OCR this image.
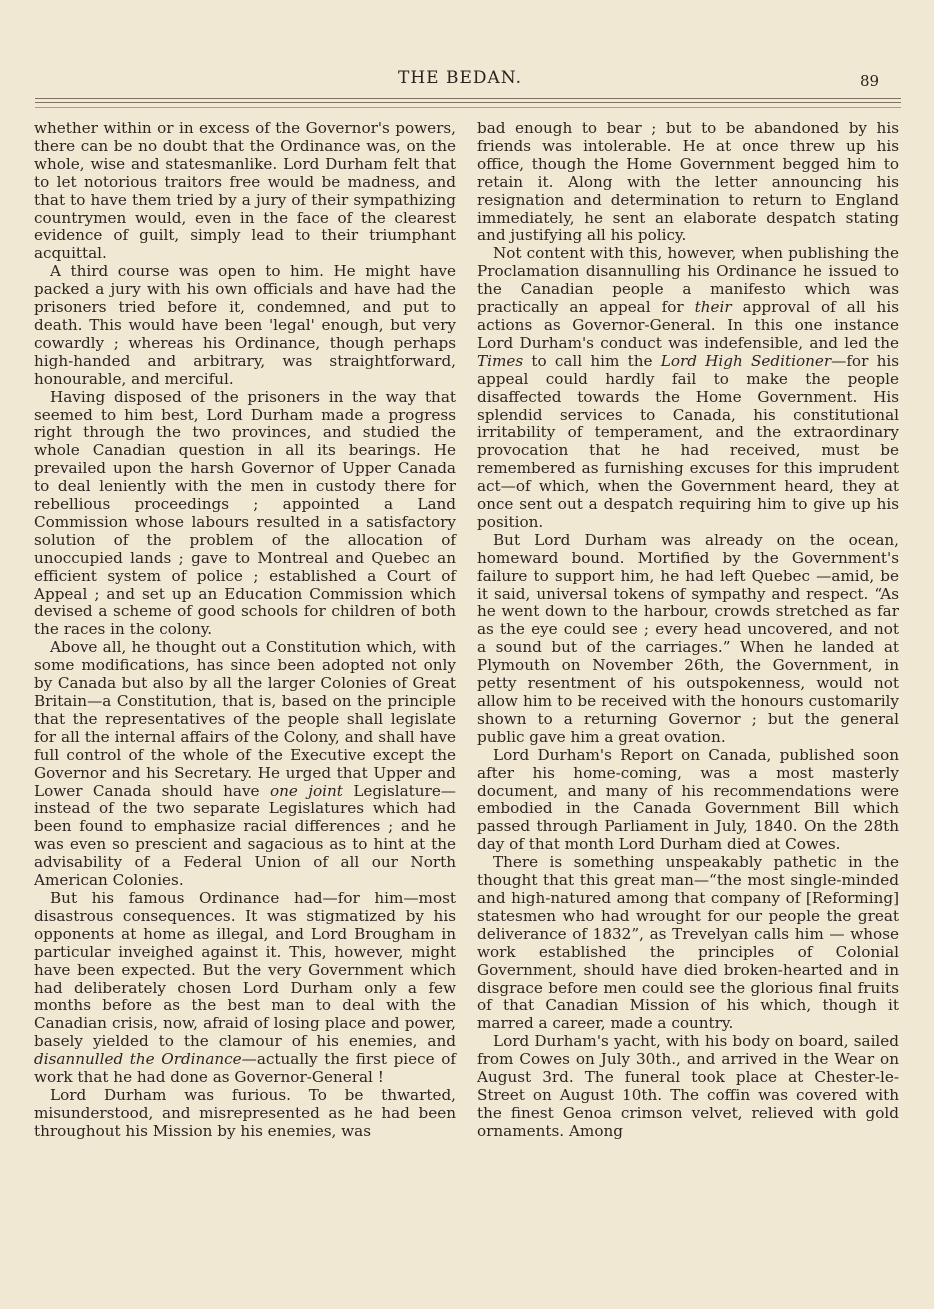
THE BEDAN.	89

whether within or in excess of the Governor's powers, there can be no doubt that the Ordinance was, on the whole, wise and statesmanlike. Lord Durham felt that to let notorious traitors free would be madness, and that to have them tried by a jury of their sympathizing countrymen would, even in the face of the clearest evidence of guilt, simply lead to their triumphant acquittal.

A third course was open to him. He might have packed a jury with his own officials and have had the prisoners tried before it, condemned, and put to death. This would have been 'legal' enough, but very cowardly ; whereas his Ordinance, though perhaps high-handed and arbitrary, was straightforward, honourable, and merciful.

Having disposed of the prisoners in the way that seemed to him best, Lord Durham made a progress right through the two provinces, and studied the whole Canadian question in all its bearings. He prevailed upon the harsh Governor of Upper Canada to deal leniently with the men in custody there for rebellious proceedings ; appointed a Land Commission whose labours resulted in a satisfactory solution of the problem of the allocation of unoccupied lands ; gave to Montreal and Quebec an efficient system of police ; established a Court of Appeal ; and set up an Education Commission which devised a scheme of good schools for children of both the races in the colony.

Above all, he thought out a Constitution which, with some modifications, has since been adopted not only by Canada but also by all the larger Colonies of Great Britain—a Constitution, that is, based on the principle that the representatives of the people shall legislate for all the internal affairs of the Colony, and shall have full control of the whole of the Executive except the Governor and his Secretary. He urged that Upper and Lower Canada should have one joint Legislature—instead of the two separate Legislatures which had been found to emphasize racial differences ; and he was even so prescient and sagacious as to hint at the advisability of a Federal Union of all our North American Colonies.

But his famous Ordinance had—for him—most disastrous consequences. It was stigmatized by his opponents at home as illegal, and Lord Brougham in particular inveighed against it. This, however, might have been expected. But the very Government which had deliberately chosen Lord Durham only a few months before as the best man to deal with the Canadian crisis, now, afraid of losing place and power, basely yielded to the clamour of his enemies, and disannulled the Ordinance—actually the first piece of work that he had done as Governor-General !

Lord Durham was furious. To be thwarted, misunderstood, and misrepresented as he had been throughout his Mission by his enemies, was

bad enough to bear ; but to be abandoned by his friends was intolerable. He at once threw up his office, though the Home Government begged him to retain it. Along with the letter announcing his resignation and determination to return to England immediately, he sent an elaborate despatch stating and justifying all his policy.

Not content with this, however, when publishing the Proclamation disannulling his Ordinance he issued to the Canadian people a manifesto which was practically an appeal for their approval of all his actions as Governor-General. In this one instance Lord Durham's conduct was indefensible, and led the Times to call him the Lord High Seditioner—for his appeal could hardly fail to make the people disaffected towards the Home Government. His splendid services to Canada, his constitutional irritability of temperament, and the extraordinary provocation that he had received, must be remembered as furnishing excuses for this imprudent act—of which, when the Government heard, they at once sent out a despatch requiring him to give up his position.

But Lord Durham was already on the ocean, homeward bound. Mortified by the Government's failure to support him, he had left Quebec —amid, be it said, universal tokens of sympathy and respect. “As he went down to the harbour, crowds stretched as far as the eye could see ; every head uncovered, and not a sound but of the carriages.” When he landed at Plymouth on November 26th, the Government, in petty resentment of his outspokenness, would not allow him to be received with the honours customarily shown to a returning Governor ; but the general public gave him a great ovation.

Lord Durham's Report on Canada, published soon after his home-coming, was a most masterly document, and many of his recommendations were embodied in the Canada Government Bill which passed through Parliament in July, 1840. On the 28th day of that month Lord Durham died at Cowes.

There is something unspeakably pathetic in the thought that this great man—“the most single-minded and high-natured among that company of [Reforming] statesmen who had wrought for our people the great deliverance of 1832”, as Trevelyan calls him — whose work established the principles of Colonial Government, should have died broken-hearted and in disgrace before men could see the glorious final fruits of that Canadian Mission of his which, though it marred a career, made a country.

Lord Durham's yacht, with his body on board, sailed from Cowes on July 30th., and arrived in the Wear on August 3rd. The funeral took place at Chester-le-Street on August 10th. The coffin was covered with the finest Genoa crimson velvet, relieved with gold ornaments. Among
